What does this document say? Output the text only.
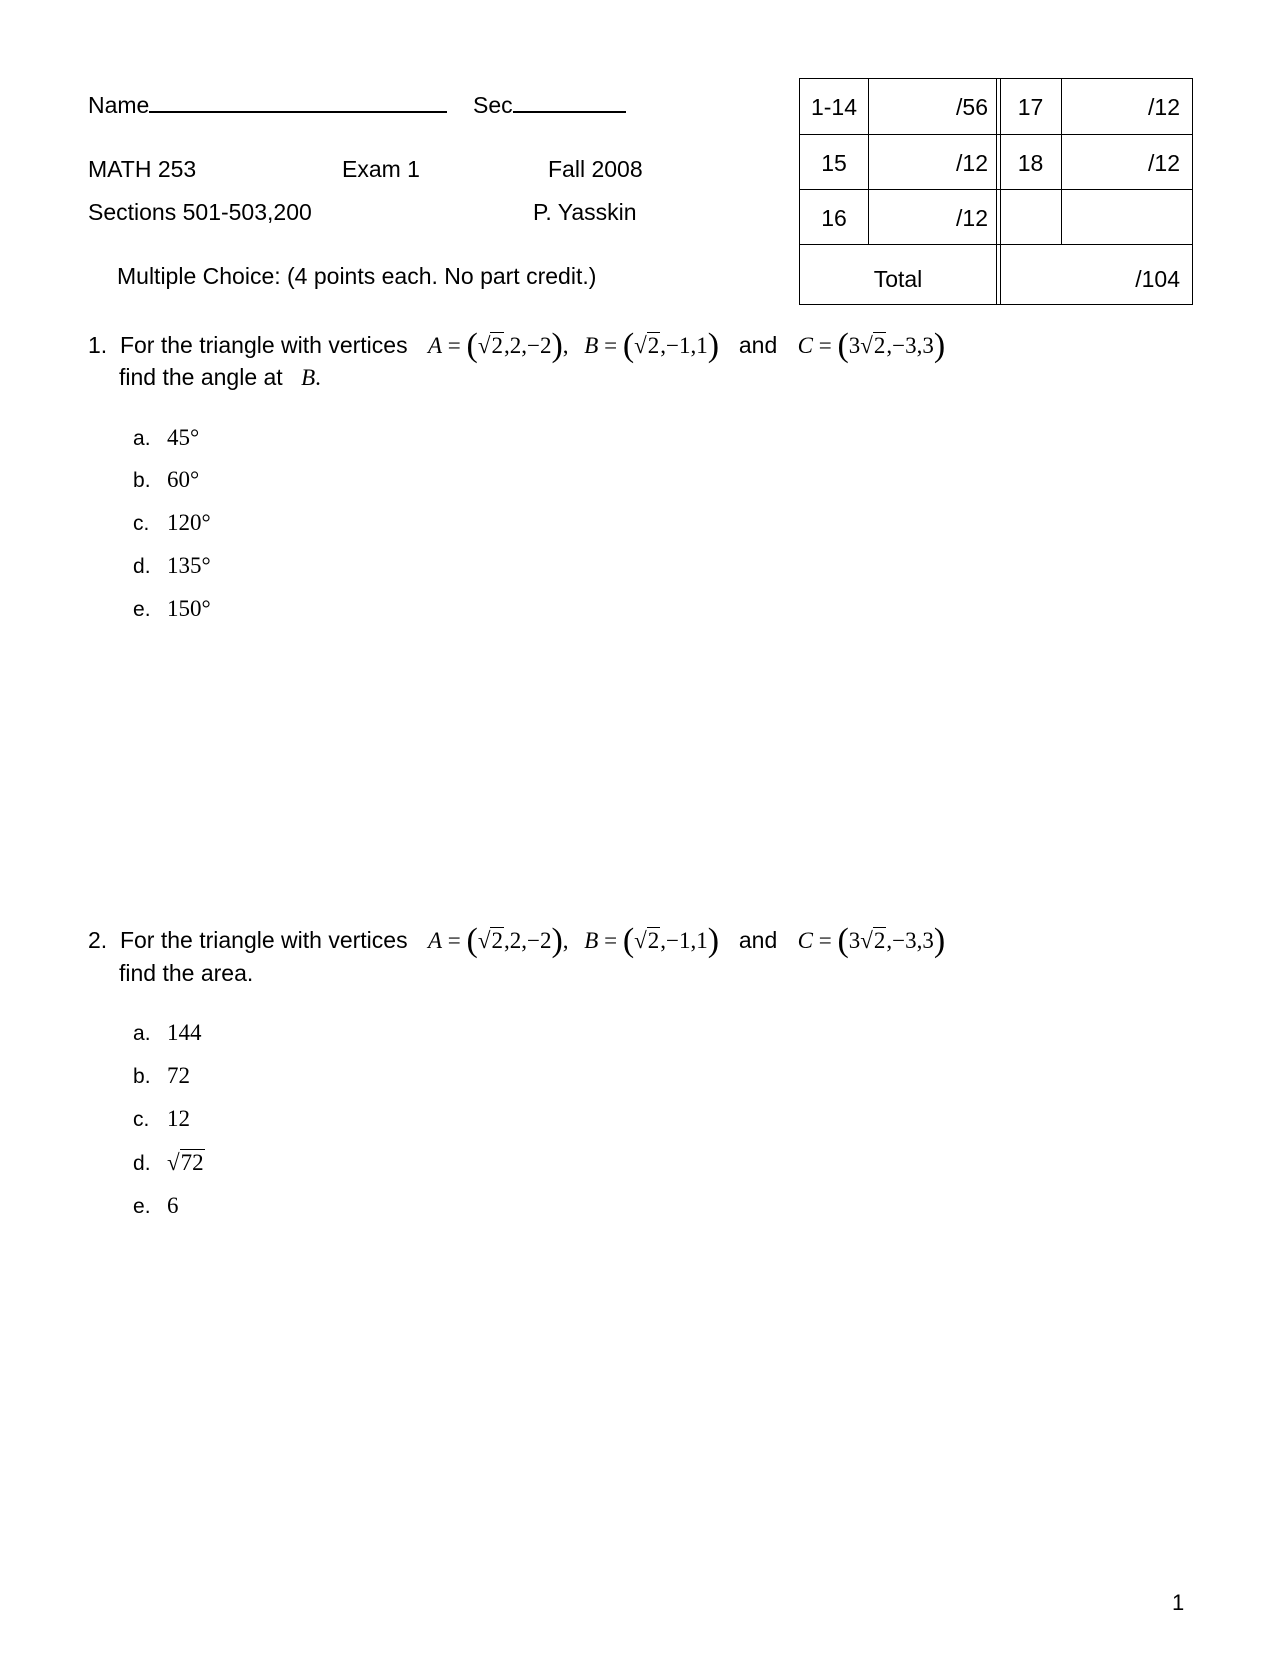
Name	Sec
MATH 253	Exam 1	Fall 2008
Sections 501-503,200	P. Yasskin
Multiple Choice: (4 points each. No part credit.)
1-14	/56	17	/12
15	/12	18	/12
16	/12
Total	/104
1.  For the triangle with vertices A = (√2,2,−2), B = (√2,−1,1) and C = (3√2,−3,3)
find the angle at B.
a. 45°
b. 60°
c. 120°
d. 135°
e. 150°
2.  For the triangle with vertices A = (√2,2,−2), B = (√2,−1,1) and C = (3√2,−3,3)
find the area.
a. 144
b. 72
c. 12
d. √72
e. 6
1
